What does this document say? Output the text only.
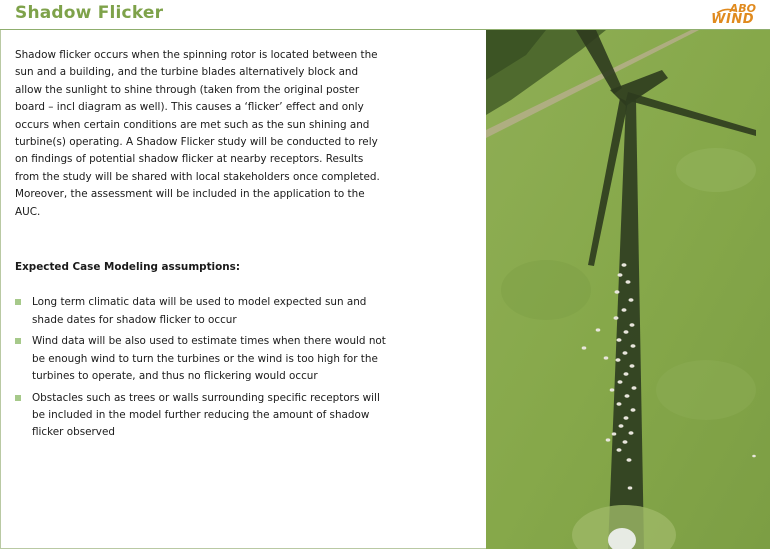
Shadow Flicker	ABO
WIND

Shadow flicker occurs when the spinning rotor is located between the sun and a building, and the turbine blades alternatively block and allow the sunlight to shine through (taken from the original poster board – incl diagram as well). This causes a ‘flicker’ effect and only occurs when certain conditions are met such as the sun shining and turbine(s) operating. A Shadow Flicker study will be conducted to rely on findings of potential shadow flicker at nearby receptors. Results from the study will be shared with local stakeholders once completed. Moreover, the assessment will be included in the application to the AUC.

Expected Case Modeling assumptions:

Long term climatic data will be used to model expected sun and shade dates for shadow flicker to occur
Wind data will be also used to estimate times when there would not be enough wind to turn the turbines or the wind is too high for the turbines to operate, and thus no flickering would occur
Obstacles such as trees or walls surrounding specific receptors will be included in the model further reducing the amount of shadow flicker observed
